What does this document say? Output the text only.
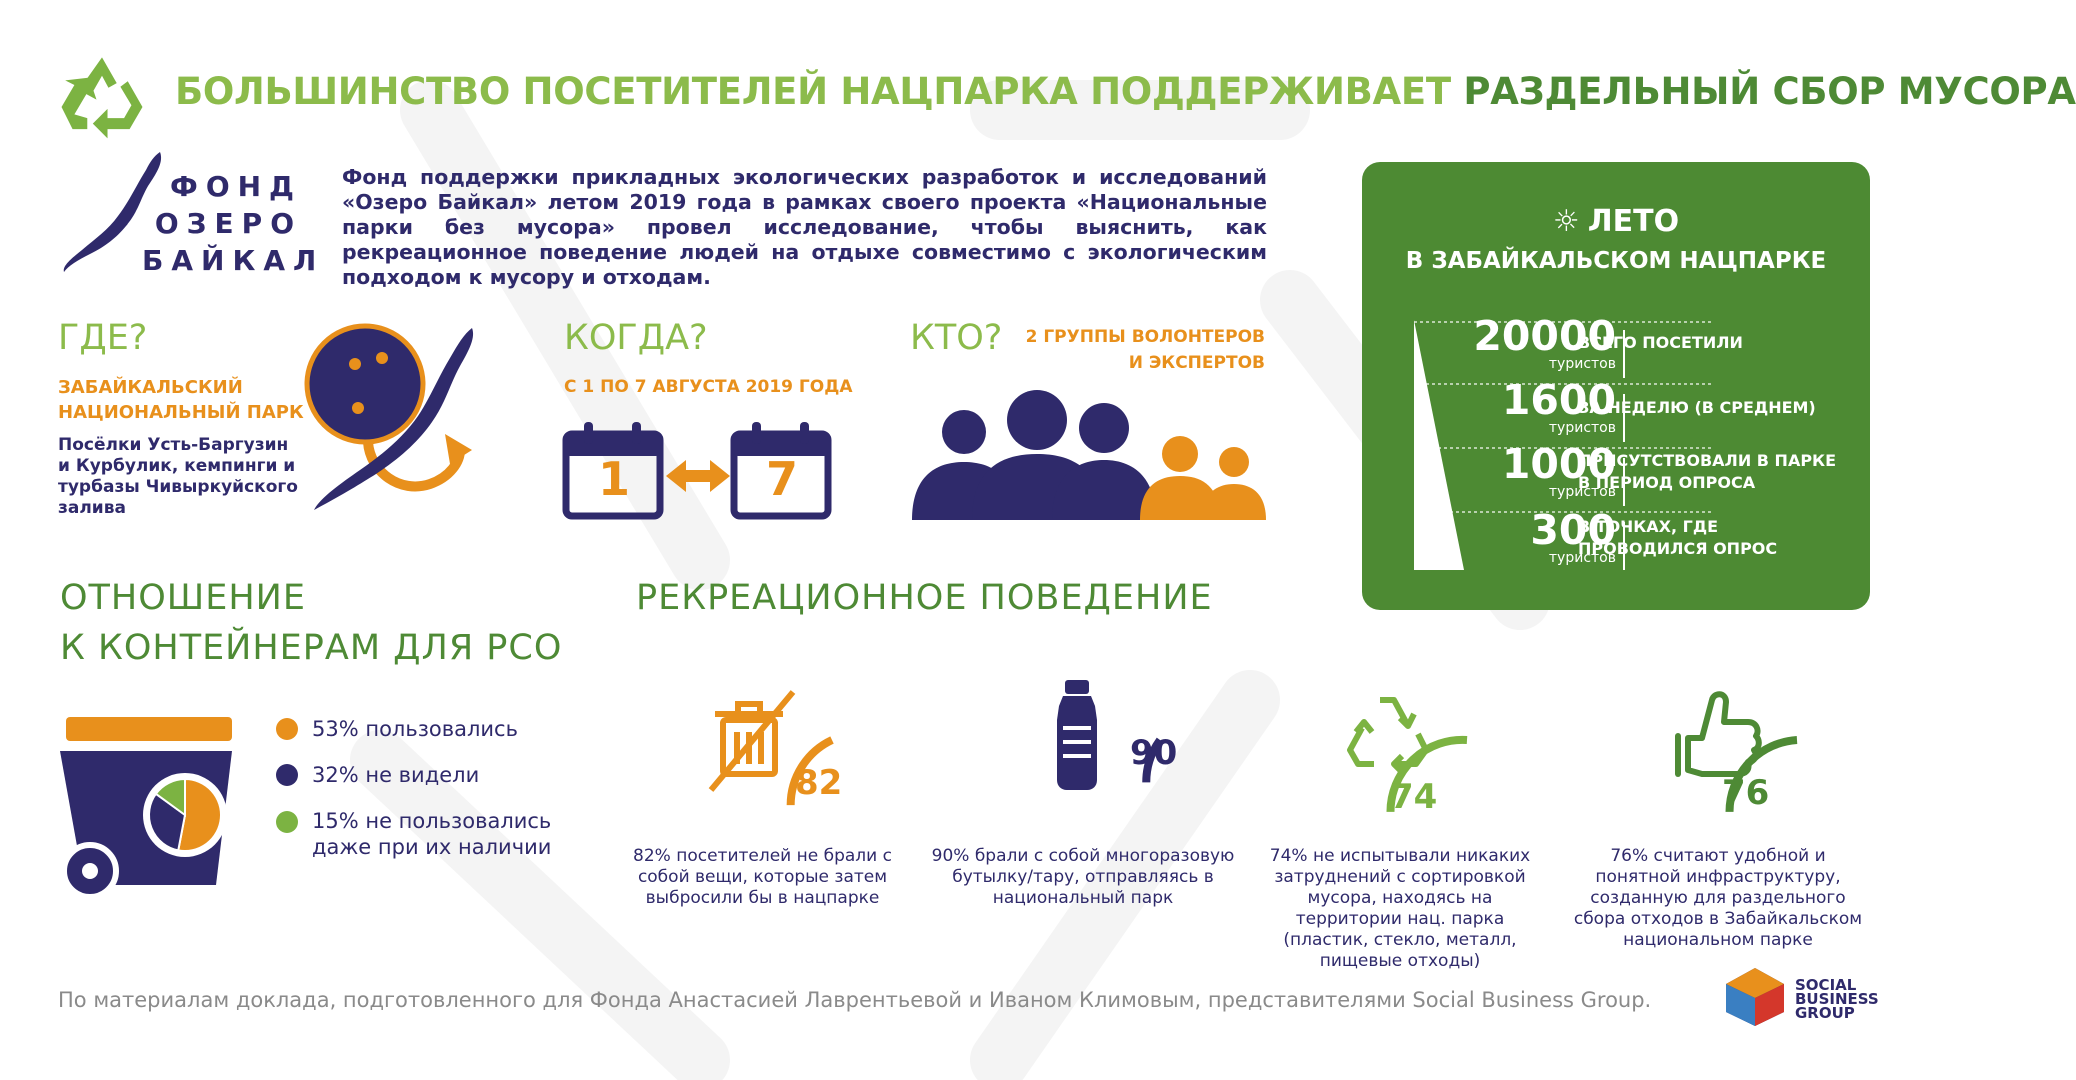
БОЛЬШИНСТВО ПОСЕТИТЕЛЕЙ НАЦПАРКА ПОДДЕРЖИВАЕТ РАЗДЕЛЬНЫЙ СБОР МУСОРА
ФОНД
ОЗЕРО
БАЙКАЛ
Фонд поддержки прикладных экологических разработок и исследований «Озеро Байкал» летом 2019 года в рамках своего проекта «Национальные парки без мусора» провел исследование, чтобы выяснить, как рекреационное поведение людей на отдыхе совместимо с экологическим подходом к мусору и отходам.
ГДЕ?
ЗАБАЙКАЛЬСКИЙ
НАЦИОНАЛЬНЫЙ ПАРК
Посёлки Усть-Баргузин и Курбулик, кемпинги и турбазы Чивыркуйского залива
КОГДА?
С 1 ПО 7 АВГУСТА 2019 ГОДА
1	7
КТО?	2 ГРУППЫ ВОЛОНТЕРОВ
И ЭКСПЕРТОВ
☼ ЛЕТО
В ЗАБАЙКАЛЬСКОМ НАЦПАРКЕ
20000
туристов
ВСЕГО ПОСЕТИЛИ
1600
туристов
ЗА НЕДЕЛЮ (В СРЕДНЕМ)
1000
туристов
ПРИСУТСТВОВАЛИ В ПАРКЕ
В ПЕРИОД ОПРОСА
300
туристов
В ТОЧКАХ, ГДЕ
ПРОВОДИЛСЯ ОПРОС
ОТНОШЕНИЕ
К КОНТЕЙНЕРАМ ДЛЯ РСО
53% пользовались
32% не видели
15% не пользовались
даже при их наличии
РЕКРЕАЦИОННОЕ ПОВЕДЕНИЕ
82
82% посетителей не брали с собой вещи, которые затем выбросили бы в нацпарке
90
90% брали с собой многоразовую бутылку/тару, отправляясь в национальный парк
74
74% не испытывали никаких затруднений с сортировкой мусора, находясь на территории нац. парка (пластик, стекло, металл, пищевые отходы)
76
76% считают удобной и понятной инфраструктуру, созданную для раздельного сбора отходов в Забайкальском национальном парке
По материалам доклада, подготовленного для Фонда Анастасией Лаврентьевой и Иваном Климовым, представителями Social Business Group.
SOCIAL
BUSINESS
GROUP
